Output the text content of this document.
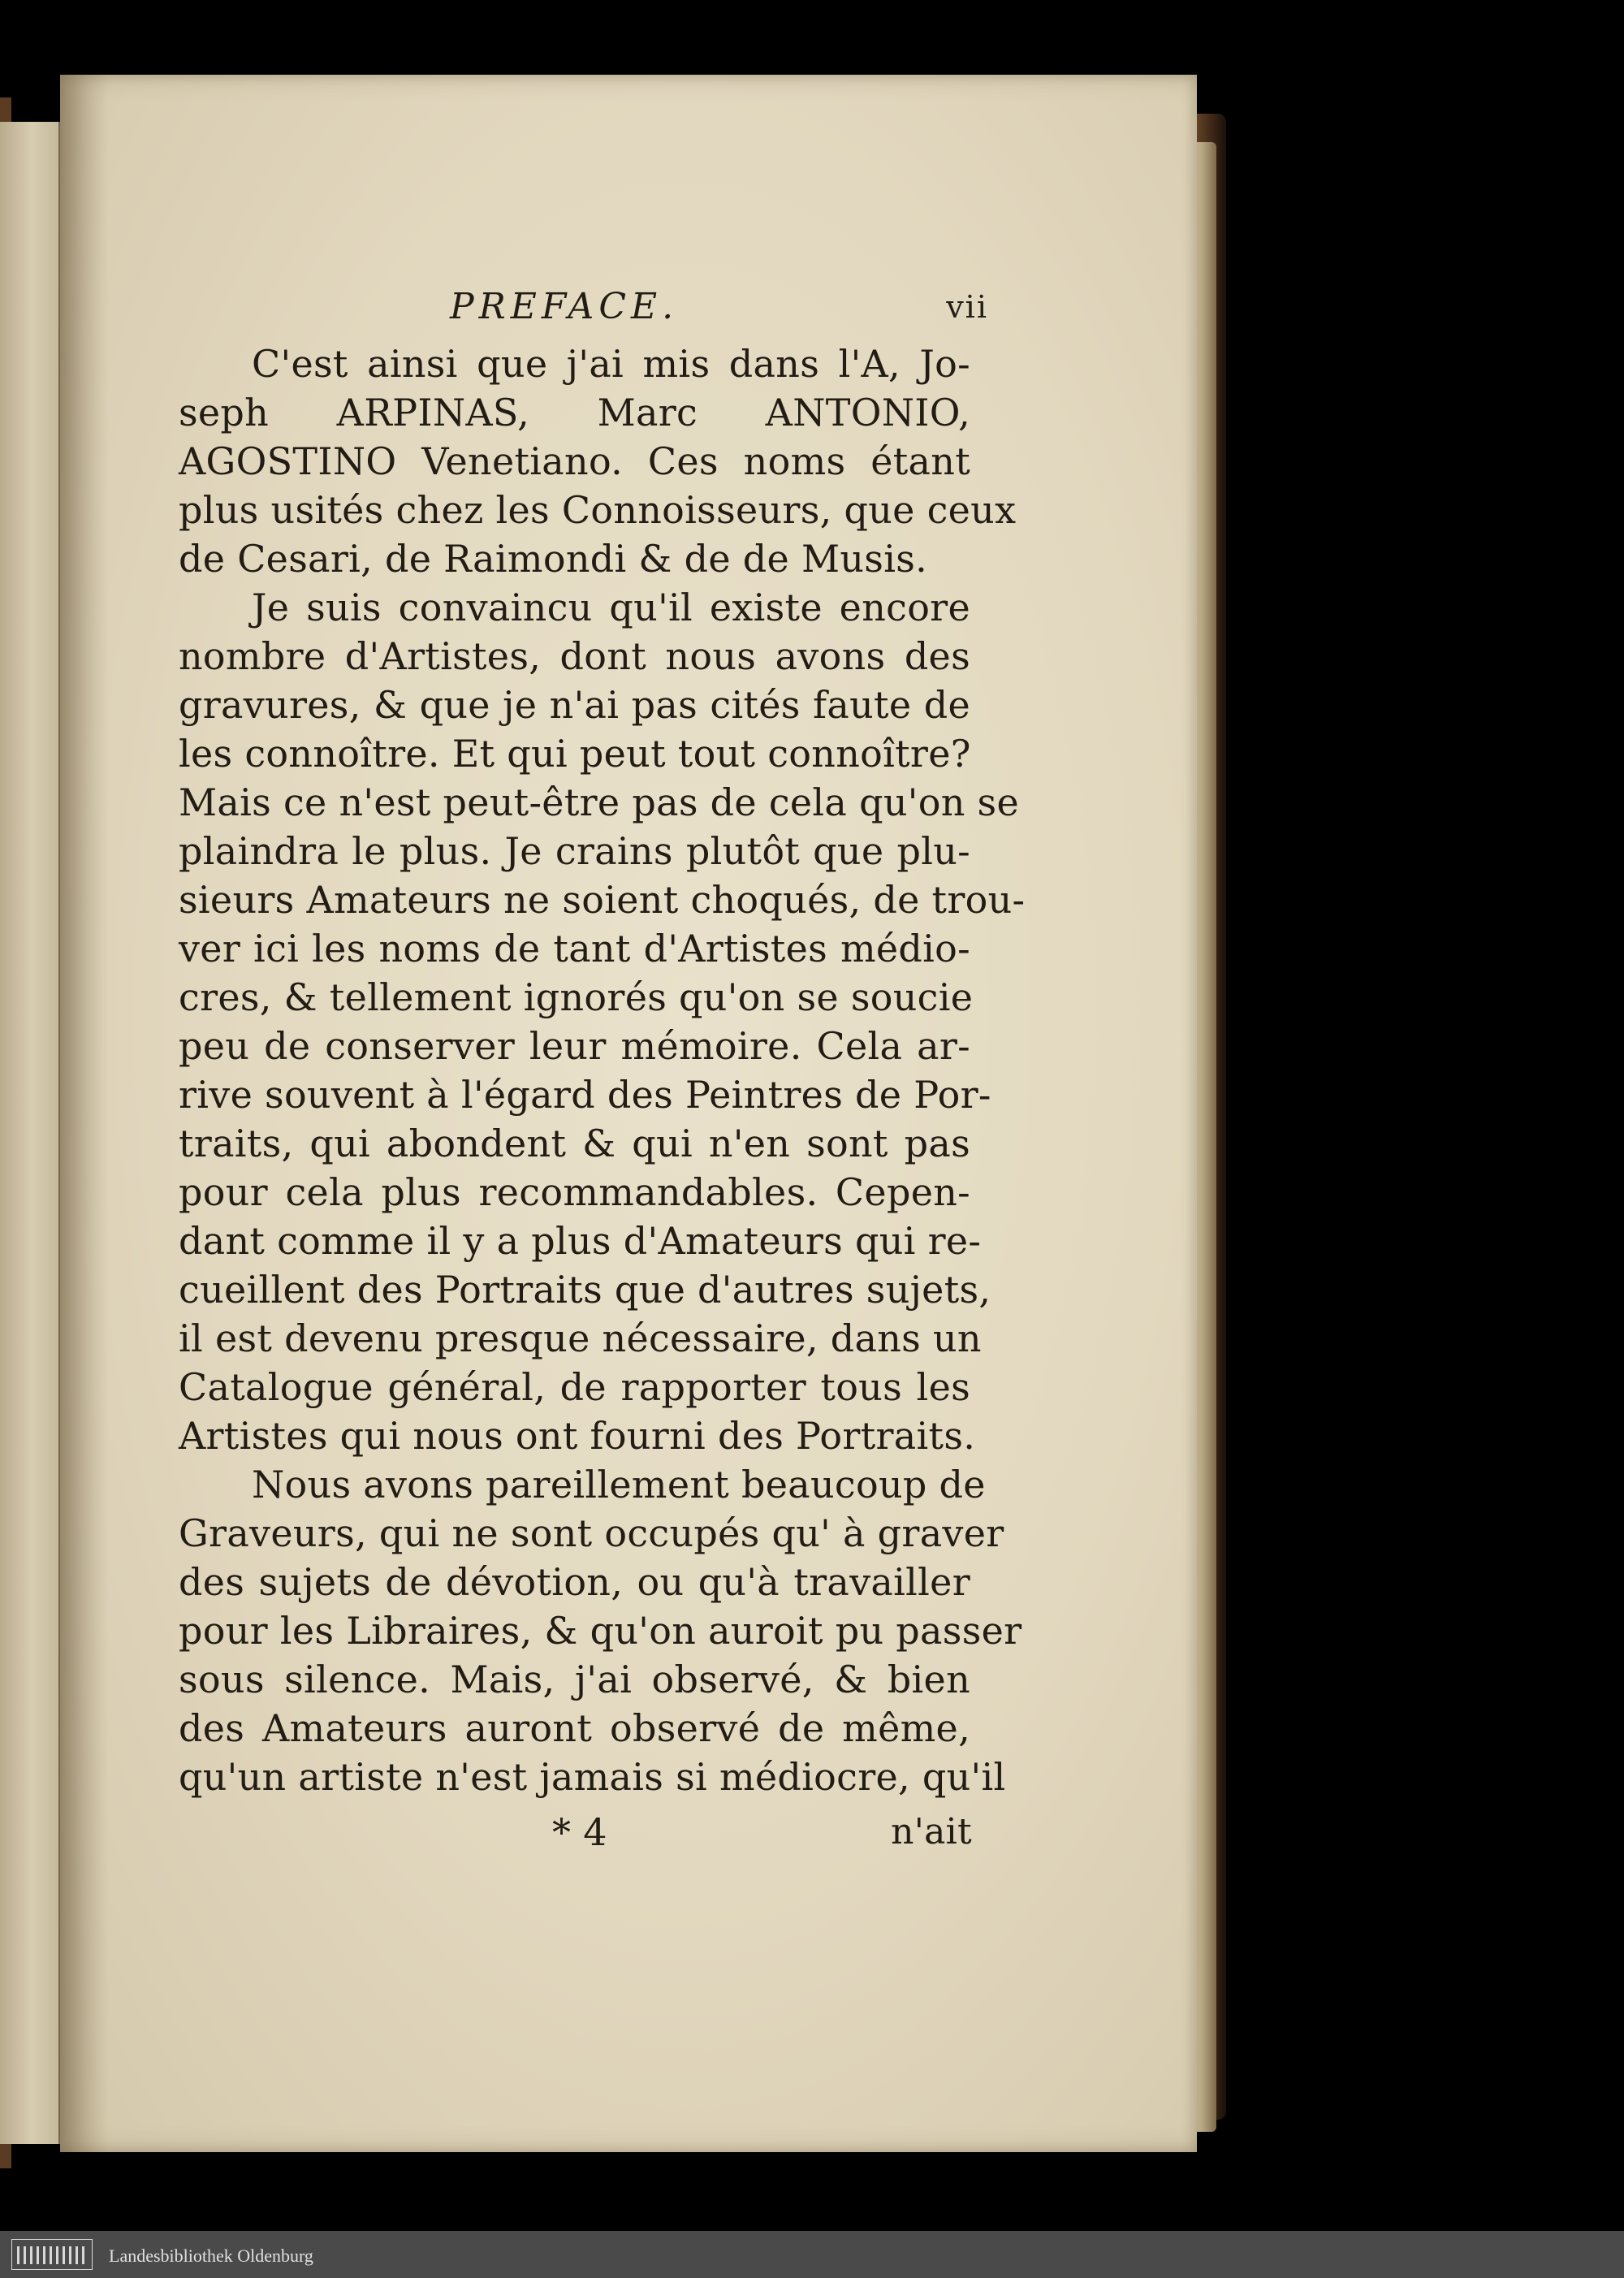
PREFACE.	vii
C'est ainsi que j'ai mis dans l'A, Jo-
seph ARPINAS, Marc ANTONIO,
AGOSTINO Venetiano. Ces noms étant
plus usités chez les Connoisseurs, que ceux
de Cesari, de Raimondi & de de Musis.
Je suis convaincu qu'il existe encore
nombre d'Artistes, dont nous avons des
gravures, & que je n'ai pas cités faute de
les connoître. Et qui peut tout connoître?
Mais ce n'est peut-être pas de cela qu'on se
plaindra le plus. Je crains plutôt que plu-
sieurs Amateurs ne soient choqués, de trou-
ver ici les noms de tant d'Artistes médio-
cres, & tellement ignorés qu'on se soucie
peu de conserver leur mémoire. Cela ar-
rive souvent à l'égard des Peintres de Por-
traits, qui abondent & qui n'en sont pas
pour cela plus recommandables. Cepen-
dant comme il y a plus d'Amateurs qui re-
cueillent des Portraits que d'autres sujets,
il est devenu presque nécessaire, dans un
Catalogue général, de rapporter tous les
Artistes qui nous ont fourni des Portraits.
Nous avons pareillement beaucoup de
Graveurs, qui ne sont occupés qu' à graver
des sujets de dévotion, ou qu'à travailler
pour les Libraires, & qu'on auroit pu passer
sous silence. Mais, j'ai observé, & bien
des Amateurs auront observé de même,
qu'un artiste n'est jamais si médiocre, qu'il
* 4	n'ait
Landesbibliothek Oldenburg
